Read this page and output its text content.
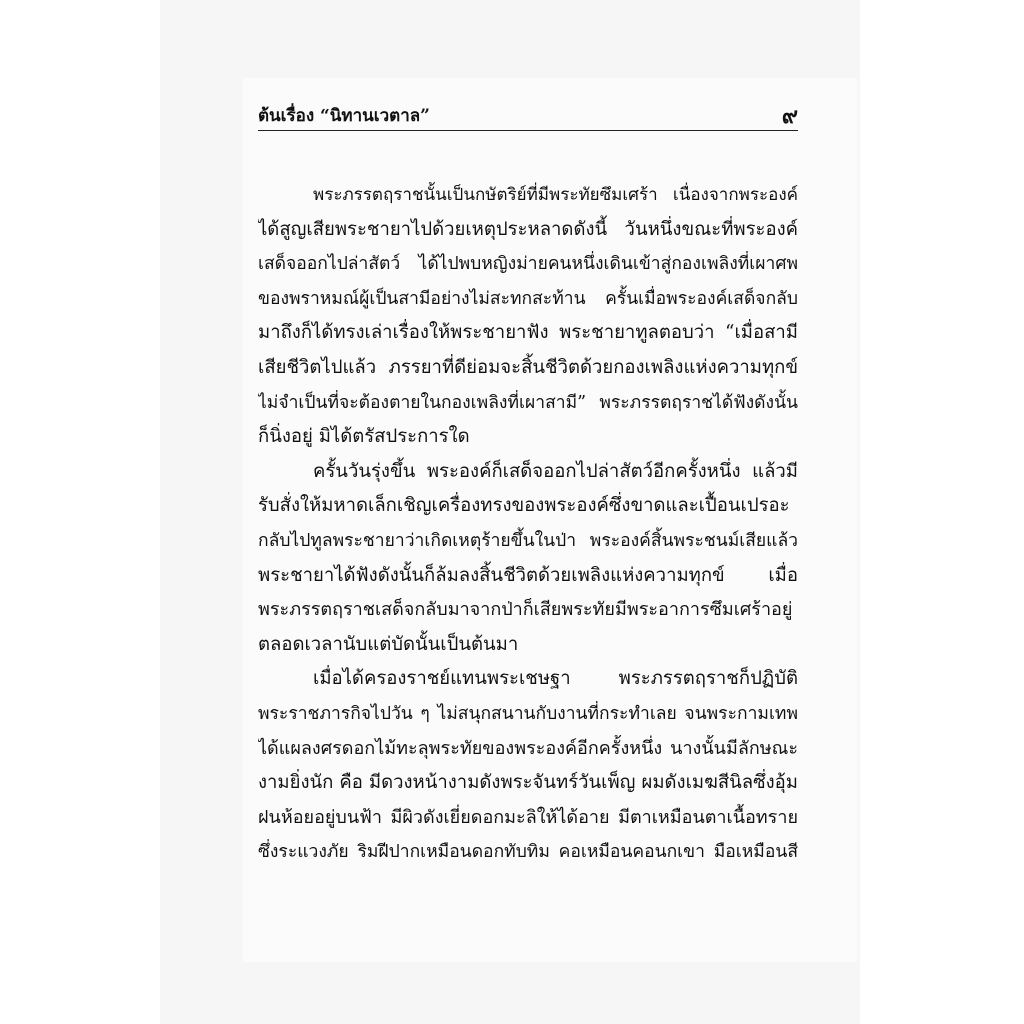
ต้นเรื่อง “นิทานเวตาล”	๙
พระภรรตฤราชนั้นเป็นกษัตริย์ที่มีพระทัยซึมเศร้า เนื่องจากพระองค์
ได้สูญเสียพระชายาไปด้วยเหตุประหลาดดังนี้ วันหนึ่งขณะที่พระองค์
เสด็จออกไปล่าสัตว์ ได้ไปพบหญิงม่ายคนหนึ่งเดินเข้าสู่กองเพลิงที่เผาศพ
ของพราหมณ์ผู้เป็นสามีอย่างไม่สะทกสะท้าน ครั้นเมื่อพระองค์เสด็จกลับ
มาถึงก็ได้ทรงเล่าเรื่องให้พระชายาฟัง พระชายาทูลตอบว่า “เมื่อสามี
เสียชีวิตไปแล้ว ภรรยาที่ดีย่อมจะสิ้นชีวิตด้วยกองเพลิงแห่งความทุกข์
ไม่จำเป็นที่จะต้องตายในกองเพลิงที่เผาสามี” พระภรรตฤราชได้ฟังดังนั้น
ก็นิ่งอยู่ มิได้ตรัสประการใด
ครั้นวันรุ่งขึ้น พระองค์ก็เสด็จออกไปล่าสัตว์อีกครั้งหนึ่ง แล้วมี
รับสั่งให้มหาดเล็กเชิญเครื่องทรงของพระองค์ซึ่งขาดและเปื้อนเปรอะ
กลับไปทูลพระชายาว่าเกิดเหตุร้ายขึ้นในป่า พระองค์สิ้นพระชนม์เสียแล้ว
พระชายาได้ฟังดังนั้นก็ล้มลงสิ้นชีวิตด้วยเพลิงแห่งความทุกข์ เมื่อ
พระภรรตฤราชเสด็จกลับมาจากป่าก็เสียพระทัยมีพระอาการซึมเศร้าอยู่
ตลอดเวลานับแต่บัดนั้นเป็นต้นมา
เมื่อได้ครองราชย์แทนพระเชษฐา พระภรรตฤราชก็ปฏิบัติ
พระราชภารกิจไปวัน ๆ ไม่สนุกสนานกับงานที่กระทำเลย จนพระกามเทพ
ได้แผลงศรดอกไม้ทะลุพระทัยของพระองค์อีกครั้งหนึ่ง นางนั้นมีลักษณะ
งามยิ่งนัก คือ มีดวงหน้างามดังพระจันทร์วันเพ็ญ ผมดังเมฆสีนิลซึ่งอุ้ม
ฝนห้อยอยู่บนฟ้า มีผิวดังเยี่ยดอกมะลิให้ได้อาย มีตาเหมือนตาเนื้อทราย
ซึ่งระแวงภัย ริมฝีปากเหมือนดอกทับทิม คอเหมือนคอนกเขา มือเหมือนสี
